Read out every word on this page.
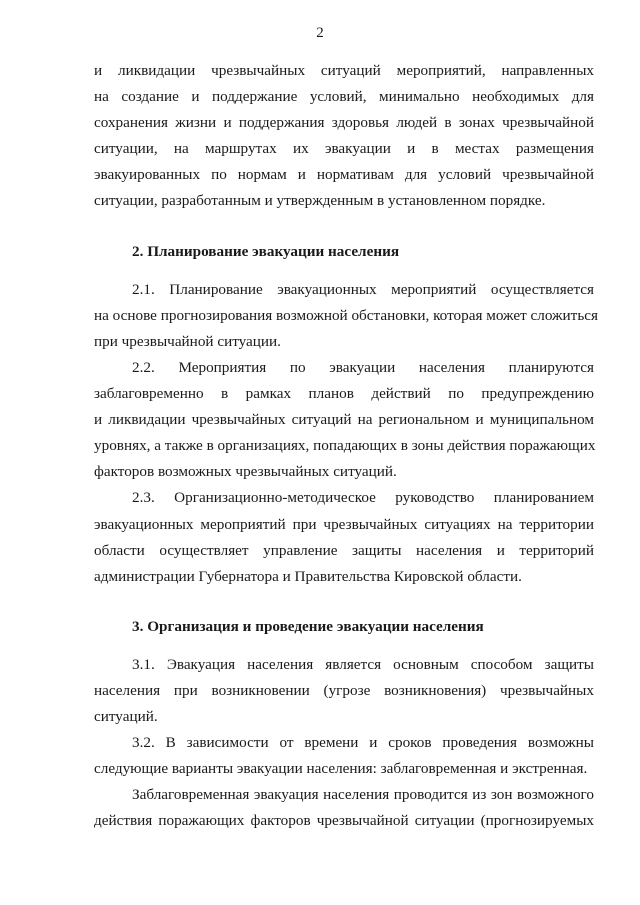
2
и ликвидации чрезвычайных ситуаций мероприятий, направленных
на создание и поддержание условий, минимально необходимых для
сохранения жизни и поддержания здоровья людей в зонах чрезвычайной
ситуации, на маршрутах их эвакуации и в местах размещения
эвакуированных по нормам и нормативам для условий чрезвычайной
ситуации, разработанным и утвержденным в установленном порядке.
2. Планирование эвакуации населения
2.1. Планирование эвакуационных мероприятий осуществляется
на основе прогнозирования возможной обстановки, которая может сложиться
при чрезвычайной ситуации.
2.2. Мероприятия по эвакуации населения планируются
заблаговременно в рамках планов действий по предупреждению
и ликвидации чрезвычайных ситуаций на региональном и муниципальном
уровнях, а также в организациях, попадающих в зоны действия поражающих
факторов возможных чрезвычайных ситуаций.
2.3. Организационно-методическое руководство планированием
эвакуационных мероприятий при чрезвычайных ситуациях на территории
области осуществляет управление защиты населения и территорий
администрации Губернатора и Правительства Кировской области.
3. Организация и проведение эвакуации населения
3.1. Эвакуация населения является основным способом защиты
населения при возникновении (угрозе возникновения) чрезвычайных
ситуаций.
3.2. В зависимости от времени и сроков проведения возможны
следующие варианты эвакуации населения: заблаговременная и экстренная.
Заблаговременная эвакуация населения проводится из зон возможного
действия поражающих факторов чрезвычайной ситуации (прогнозируемых
